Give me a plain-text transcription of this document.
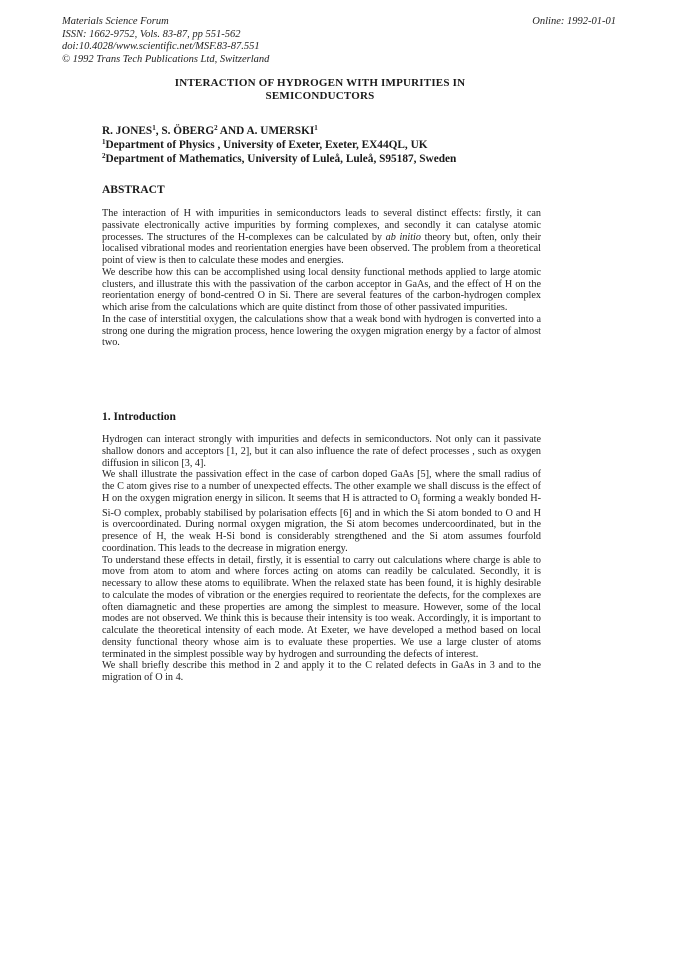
Materials Science Forum
ISSN: 1662-9752, Vols. 83-87, pp 551-562
doi:10.4028/www.scientific.net/MSF.83-87.551
© 1992 Trans Tech Publications Ltd, Switzerland
Online: 1992-01-01
INTERACTION OF HYDROGEN WITH IMPURITIES IN
SEMICONDUCTORS
R. JONES$^1$, S. ÖBERG$^2$ AND A. UMERSKI$^1$
$^1$Department of Physics , University of Exeter, Exeter, EX44QL, UK
$^2$Department of Mathematics, University of Luleå, Luleå, S95187, Sweden
ABSTRACT

The interaction of H with impurities in semiconductors leads to several distinct effects: firstly, it can passivate electronically active impurities by forming complexes, and secondly it can catalyse atomic processes. The structures of the H-complexes can be calculated by ab initio theory but, often, only their localised vibrational modes and reorientation energies have been observed. The problem from a theoretical point of view is then to calculate these modes and energies.

We describe how this can be accomplished using local density functional methods applied to large atomic clusters, and illustrate this with the passivation of the carbon acceptor in GaAs, and the effect of H on the reorientation energy of bond-centred O in Si. There are several features of the carbon-hydrogen complex which arise from the calculations which are quite distinct from those of other passivated impurities.

In the case of interstitial oxygen, the calculations show that a weak bond with hydrogen is converted into a strong one during the migration process, hence lowering the oxygen migration energy by a factor of almost two.

1. Introduction

Hydrogen can interact strongly with impurities and defects in semiconductors. Not only can it passivate shallow donors and acceptors [1, 2], but it can also influence the rate of defect processes , such as oxygen diffusion in silicon [3, 4].

We shall illustrate the passivation effect in the case of carbon doped GaAs [5], where the small radius of the C atom gives rise to a number of unexpected effects. The other example we shall discuss is the effect of H on the oxygen migration energy in silicon. It seems that H is attracted to $O_i$ forming a weakly bonded H-Si-O complex, probably stabilised by polarisation effects [6] and in which the Si atom bonded to O and H is overcoordinated. During normal oxygen migration, the Si atom becomes undercoordinated, but in the presence of H, the weak H-Si bond is considerably strengthened and the Si atom assumes fourfold coordination. This leads to the decrease in migration energy.

To understand these effects in detail, firstly, it is essential to carry out calculations where charge is able to move from atom to atom and where forces acting on atoms can readily be calculated. Secondly, it is necessary to allow these atoms to equilibrate. When the relaxed state has been found, it is highly desirable to calculate the modes of vibration or the energies required to reorientate the defects, for the complexes are often diamagnetic and these properties are among the simplest to measure. However, some of the local modes are not observed. We think this is because their intensity is too weak. Accordingly, it is important to calculate the theoretical intensity of each mode. At Exeter, we have developed a method based on local density functional theory whose aim is to evaluate these properties. We use a large cluster of atoms terminated in the simplest possible way by hydrogen and surrounding the defects of interest.

We shall briefly describe this method in 2 and apply it to the C related defects in GaAs in 3 and to the migration of O in 4.
